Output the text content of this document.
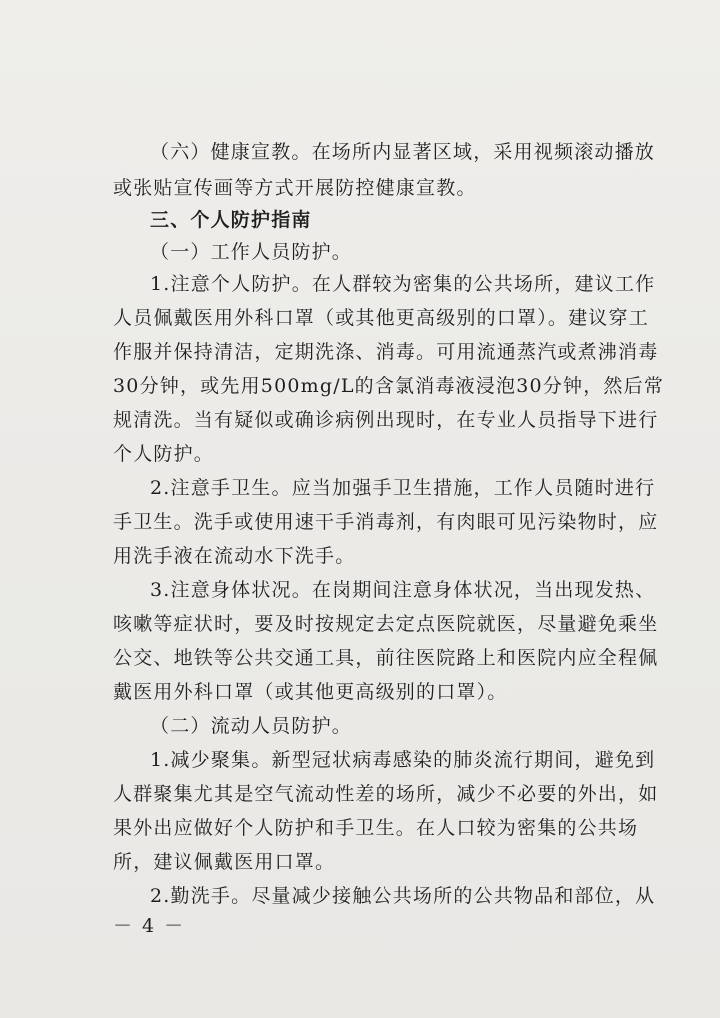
（六）健康宣教。在场所内显著区域，采用视频滚动播放
或张贴宣传画等方式开展防控健康宣教。
三、个人防护指南
（一）工作人员防护。
1.注意个人防护。在人群较为密集的公共场所，建议工作
人员佩戴医用外科口罩（或其他更高级别的口罩）。建议穿工
作服并保持清洁，定期洗涤、消毒。可用流通蒸汽或煮沸消毒
30分钟，或先用500mg/L的含氯消毒液浸泡30分钟，然后常
规清洗。当有疑似或确诊病例出现时，在专业人员指导下进行
个人防护。
2.注意手卫生。应当加强手卫生措施，工作人员随时进行
手卫生。洗手或使用速干手消毒剂，有肉眼可见污染物时，应
用洗手液在流动水下洗手。
3.注意身体状况。在岗期间注意身体状况，当出现发热、
咳嗽等症状时，要及时按规定去定点医院就医，尽量避免乘坐
公交、地铁等公共交通工具，前往医院路上和医院内应全程佩
戴医用外科口罩（或其他更高级别的口罩）。
（二）流动人员防护。
1.减少聚集。新型冠状病毒感染的肺炎流行期间，避免到
人群聚集尤其是空气流动性差的场所，减少不必要的外出，如
果外出应做好个人防护和手卫生。在人口较为密集的公共场
所，建议佩戴医用口罩。
2.勤洗手。尽量减少接触公共场所的公共物品和部位，从
－ 4 －
